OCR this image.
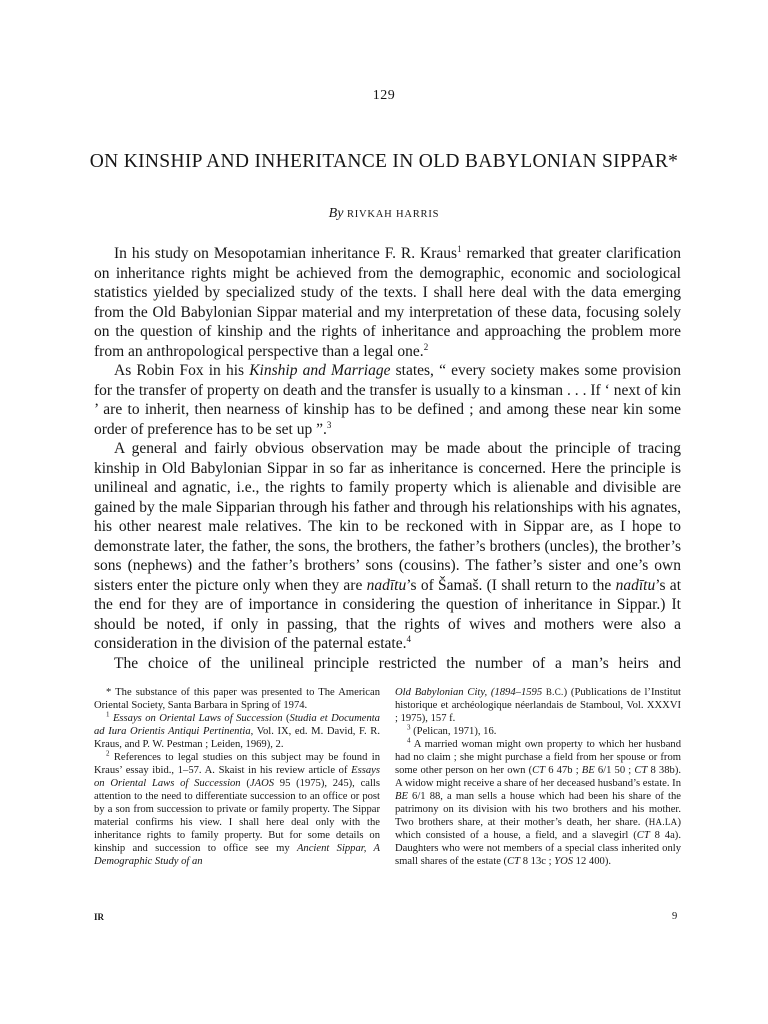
129
ON KINSHIP AND INHERITANCE IN OLD BABYLONIAN SIPPAR*
By RIVKAH HARRIS

In his study on Mesopotamian inheritance F. R. Kraus$^1$ remarked that greater clarification on inheritance rights might be achieved from the demographic, economic and sociological statistics yielded by specialized study of the texts. I shall here deal with the data emerging from the Old Babylonian Sippar material and my interpretation of these data, focusing solely on the question of kinship and the rights of inheritance and approaching the problem more from an anthropological perspective than a legal one.$^2$

As Robin Fox in his Kinship and Marriage states, “ every society makes some provision for the transfer of property on death and the transfer is usually to a kinsman . . . If ‘ next of kin ’ are to inherit, then nearness of kinship has to be defined ; and among these near kin some order of preference has to be set up ”.$^3$

A general and fairly obvious observation may be made about the principle of tracing kinship in Old Babylonian Sippar in so far as inheritance is concerned. Here the principle is unilineal and agnatic, i.e., the rights to family property which is alienable and divisible are gained by the male Sipparian through his father and through his relationships with his agnates, his other nearest male relatives. The kin to be reckoned with in Sippar are, as I hope to demonstrate later, the father, the sons, the brothers, the father’s brothers (uncles), the brother’s sons (nephews) and the father’s brothers’ sons (cousins). The father’s sister and one’s own sisters enter the picture only when they are nadītu’s of Šamaš. (I shall return to the nadītu’s at the end for they are of importance in considering the question of inheritance in Sippar.) It should be noted, if only in passing, that the rights of wives and mothers were also a consideration in the division of the paternal estate.$^4$

The choice of the unilineal principle restricted the number of a man’s heirs and

* The substance of this paper was presented to The American Oriental Society, Santa Barbara in Spring of 1974.

$^1$ Essays on Oriental Laws of Succession (Studia et Documenta ad Iura Orientis Antiqui Pertinentia, Vol. IX, ed. M. David, F. R. Kraus, and P. W. Pestman ; Leiden, 1969), 2.

$^2$ References to legal studies on this subject may be found in Kraus’ essay ibid., 1–57. A. Skaist in his review article of Essays on Oriental Laws of Succession (JAOS 95 (1975), 245), calls attention to the need to differentiate succession to an office or post by a son from succession to private or family property. The Sippar material confirms his view. I shall here deal only with the inheritance rights to family property. But for some details on kinship and succession to office see my Ancient Sippar, A Demographic Study of an

Old Babylonian City, (1894–1595 B.C.) (Publications de l’Institut historique et archéologique néerlandais de Stamboul, Vol. XXXVI ; 1975), 157 f.

$^3$ (Pelican, 1971), 16.

$^4$ A married woman might own property to which her husband had no claim ; she might purchase a field from her spouse or from some other person on her own (CT 6 47b ; BE 6/1 50 ; CT 8 38b). A widow might receive a share of her deceased husband’s estate. In BE 6/1 88, a man sells a house which had been his share of the patrimony on its division with his two brothers and his mother. Two brothers share, at their mother’s death, her share. (HA.LA) which consisted of a house, a field, and a slavegirl (CT 8 4a). Daughters who were not members of a special class inherited only small shares of the estate (CT 8 13c ; YOS 12 400).

IR	9
